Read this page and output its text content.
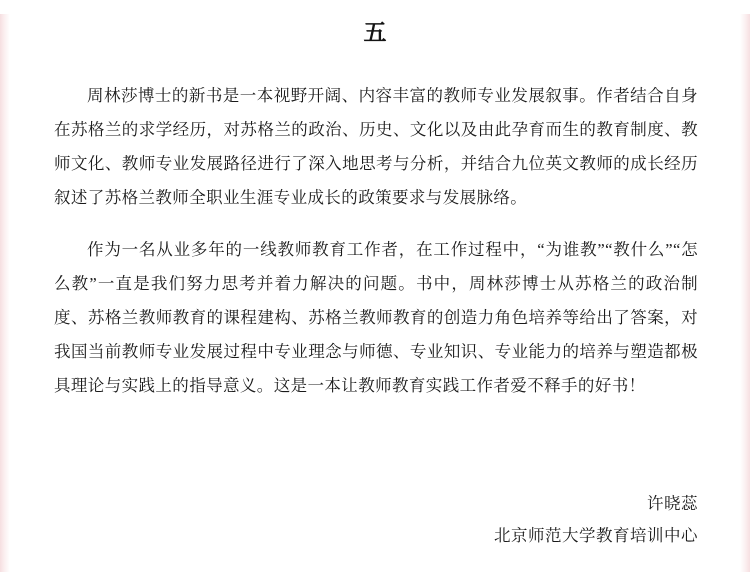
五

周林莎博士的新书是一本视野开阔、内容丰富的教师专业发展叙事。作者结合自身在苏格兰的求学经历，对苏格兰的政治、历史、文化以及由此孕育而生的教育制度、教师文化、教师专业发展路径进行了深入地思考与分析，并结合九位英文教师的成长经历叙述了苏格兰教师全职业生涯专业成长的政策要求与发展脉络。

作为一名从业多年的一线教师教育工作者，在工作过程中，“为谁教”“教什么”“怎么教”一直是我们努力思考并着力解决的问题。书中，周林莎博士从苏格兰的政治制度、苏格兰教师教育的课程建构、苏格兰教师教育的创造力角色培养等给出了答案，对我国当前教师专业发展过程中专业理念与师德、专业知识、专业能力的培养与塑造都极具理论与实践上的指导意义。这是一本让教师教育实践工作者爱不释手的好书！

许晓蕊
北京师范大学教育培训中心
